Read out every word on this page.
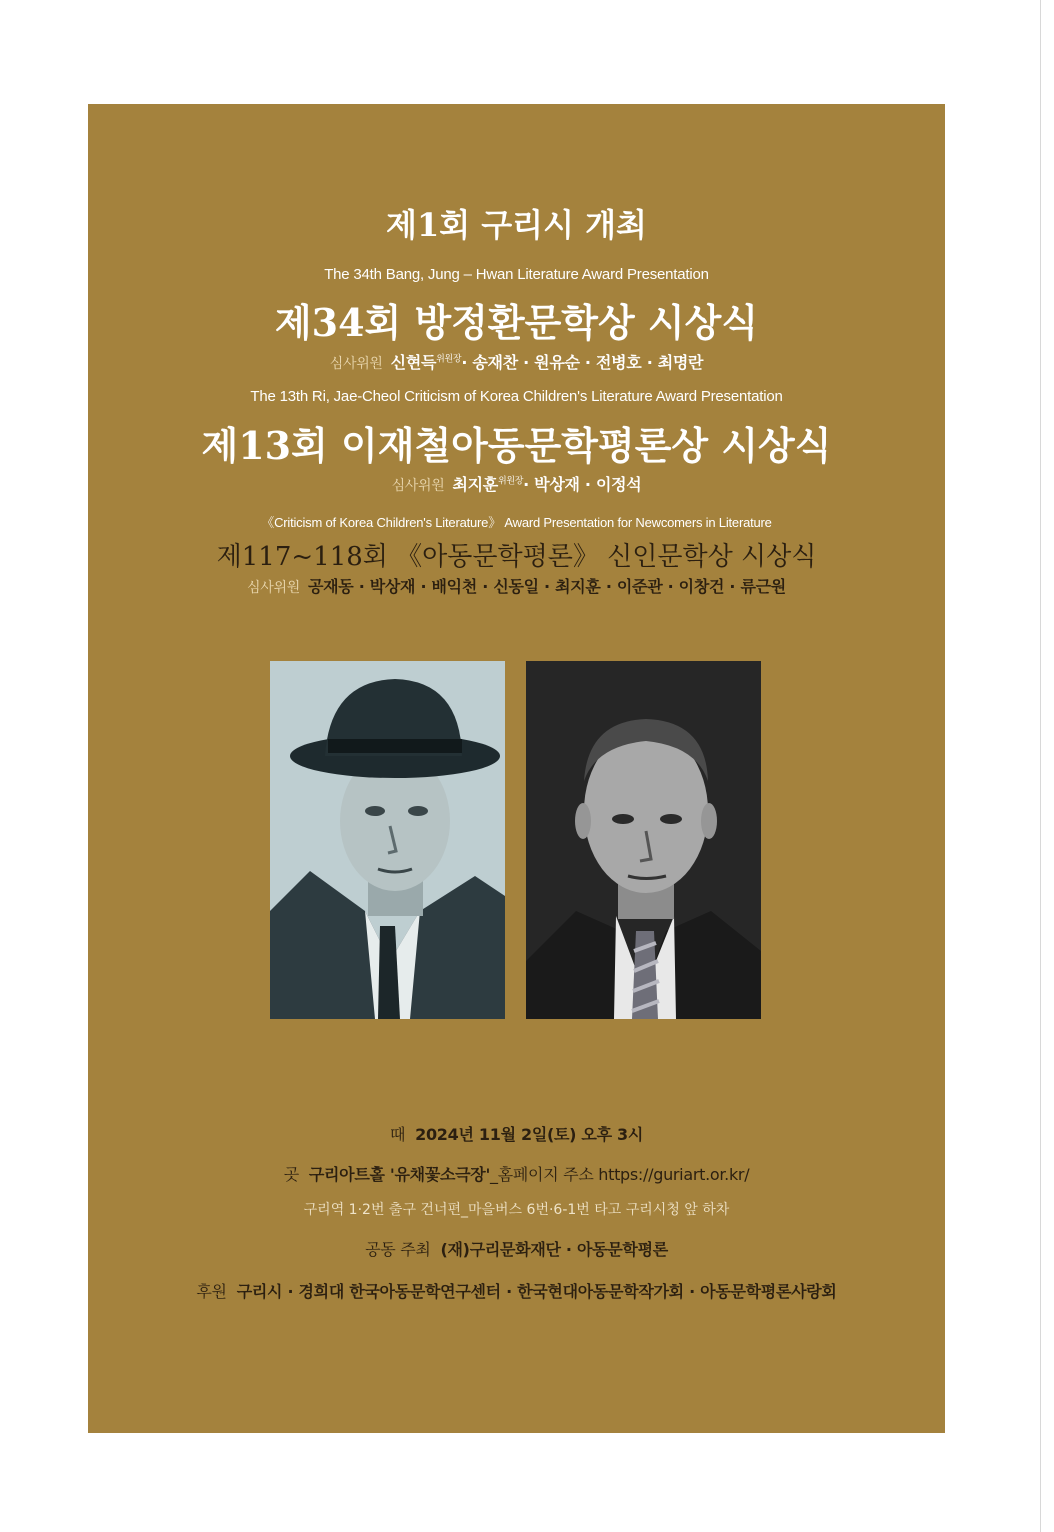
제1회 구리시 개최
The 34th Bang, Jung – Hwan Literature Award Presentation
제34회 방정환문학상 시상식
심사위원 신현득$^{위원장}$· 송재찬 · 원유순 · 전병호 · 최명란
The 13th Ri, Jae-Cheol Criticism of Korea Children's Literature Award Presentation
제13회 이재철아동문학평론상 시상식
심사위원 최지훈$^{위원장}$· 박상재 · 이정석
《Criticism of Korea Children's Literature》 Award Presentation for Newcomers in Literature
제117~118회 《아동문학평론》 신인문학상 시상식
심사위원 공재동 · 박상재 · 배익천 · 신동일 · 최지훈 · 이준관 · 이창건 · 류근원
때 2024년 11월 2일(토) 오후 3시
곳 구리아트홀 '유채꽃소극장'_홈페이지 주소 https://guriart.or.kr/
구리역 1·2번 출구 건너편_마을버스 6번·6-1번 타고 구리시청 앞 하차
공동 주최 (재)구리문화재단 · 아동문학평론
후원 구리시 · 경희대 한국아동문학연구센터 · 한국현대아동문학작가회 · 아동문학평론사랑회
